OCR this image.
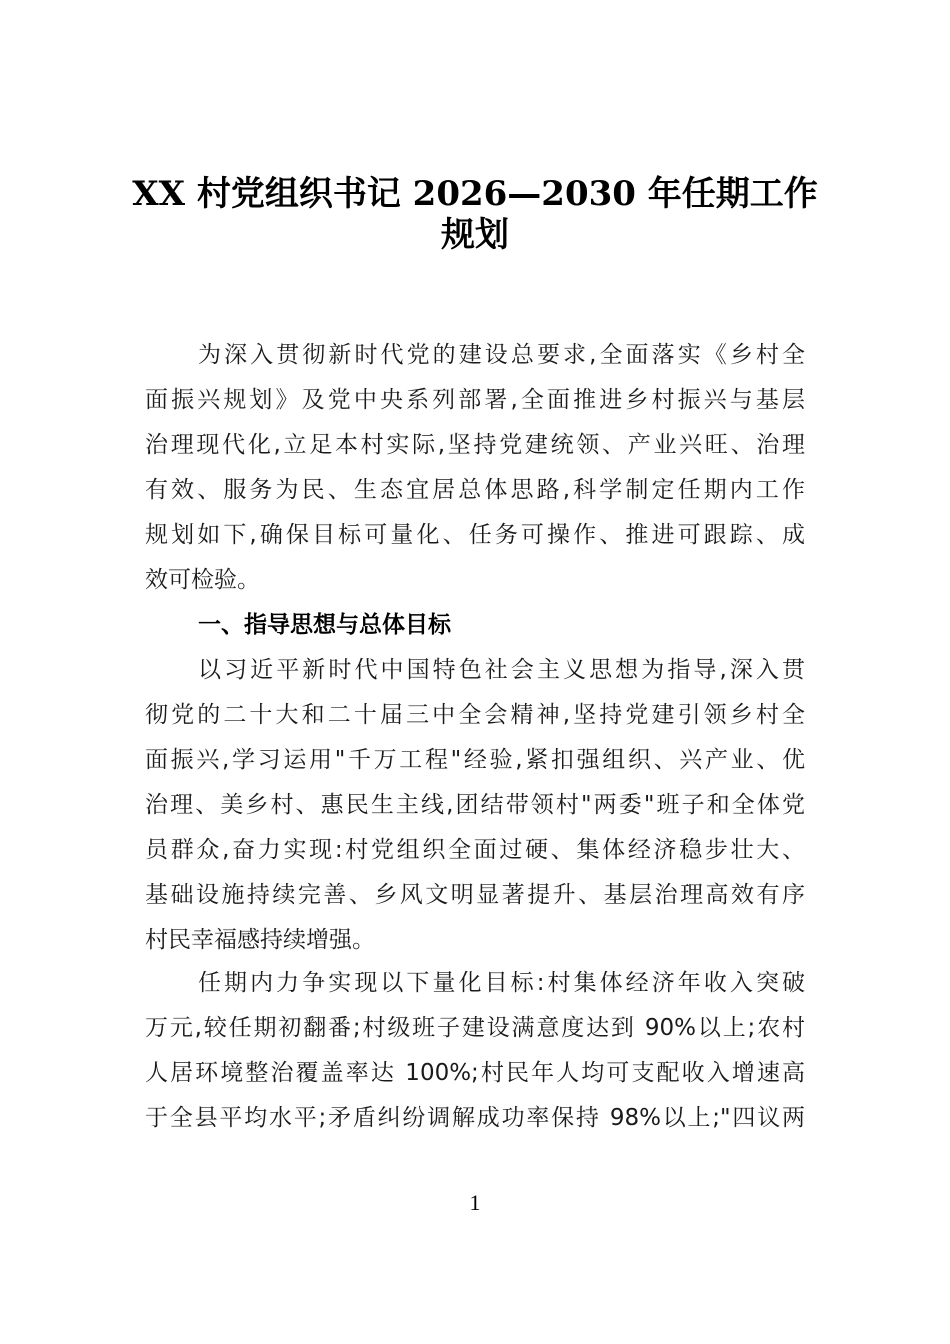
XX 村党组织书记 2026—2030 年任期工作
规划
为深入贯彻新时代党的建设总要求,全面落实《乡村全
面振兴规划》及党中央系列部署,全面推进乡村振兴与基层
治理现代化,立足本村实际,坚持党建统领、产业兴旺、治理
有效、服务为民、生态宜居总体思路,科学制定任期内工作
规划如下,确保目标可量化、任务可操作、推进可跟踪、成
效可检验。
一、指导思想与总体目标
以习近平新时代中国特色社会主义思想为指导,深入贯
彻党的二十大和二十届三中全会精神,坚持党建引领乡村全
面振兴,学习运用"千万工程"经验,紧扣强组织、兴产业、优
治理、美乡村、惠民生主线,团结带领村"两委"班子和全体党
员群众,奋力实现:村党组织全面过硬、集体经济稳步壮大、
基础设施持续完善、乡风文明显著提升、基层治理高效有序
村民幸福感持续增强。
任期内力争实现以下量化目标:村集体经济年收入突破
万元,较任期初翻番;村级班子建设满意度达到 90%以上;农村
人居环境整治覆盖率达 100%;村民年人均可支配收入增速高
于全县平均水平;矛盾纠纷调解成功率保持 98%以上;"四议两
1
